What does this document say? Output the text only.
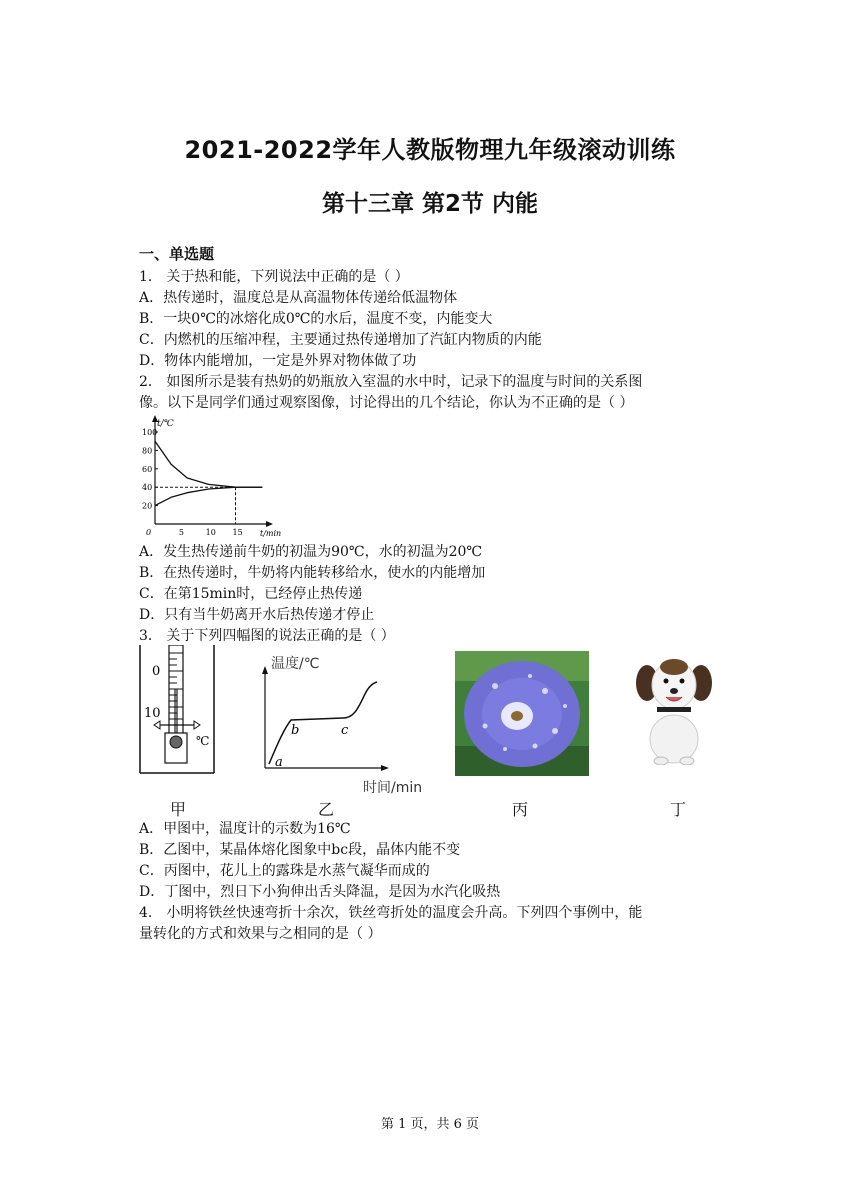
2021-2022学年人教版物理九年级滚动训练
第十三章 第2节 内能
一、单选题
1． 关于热和能，下列说法中正确的是（ ）
A．热传递时，温度总是从高温物体传递给低温物体
B．一块0℃的冰熔化成0℃的水后，温度不变，内能变大
C．内燃机的压缩冲程，主要通过热传递增加了汽缸内物质的内能
D．物体内能增加，一定是外界对物体做了功
2． 如图所示是装有热奶的奶瓶放入室温的水中时，记录下的温度与时间的关系图
像。以下是同学们通过观察图像，讨论得出的几个结论，你认为不正确的是（ ）
t/℃
t/min
20
40
60
80
100
0	5	10 15
A．发生热传递前牛奶的初温为90℃，水的初温为20℃
B．在热传递时，牛奶将内能转移给水，使水的内能增加
C．在第15min时，已经停止热传递
D．只有当牛奶离开水后热传递才停止
3． 关于下列四幅图的说法正确的是（ ）
0
10
℃
甲
温度/℃
时间/min
a
b	c
乙	丙	丁
A．甲图中，温度计的示数为16℃
B．乙图中，某晶体熔化图象中bc段，晶体内能不变
C．丙图中，花儿上的露珠是水蒸气凝华而成的
D．丁图中，烈日下小狗伸出舌头降温，是因为水汽化吸热
4． 小明将铁丝快速弯折十余次，铁丝弯折处的温度会升高。下列四个事例中，能
量转化的方式和效果与之相同的是（ ）
第 1 页，共 6 页
